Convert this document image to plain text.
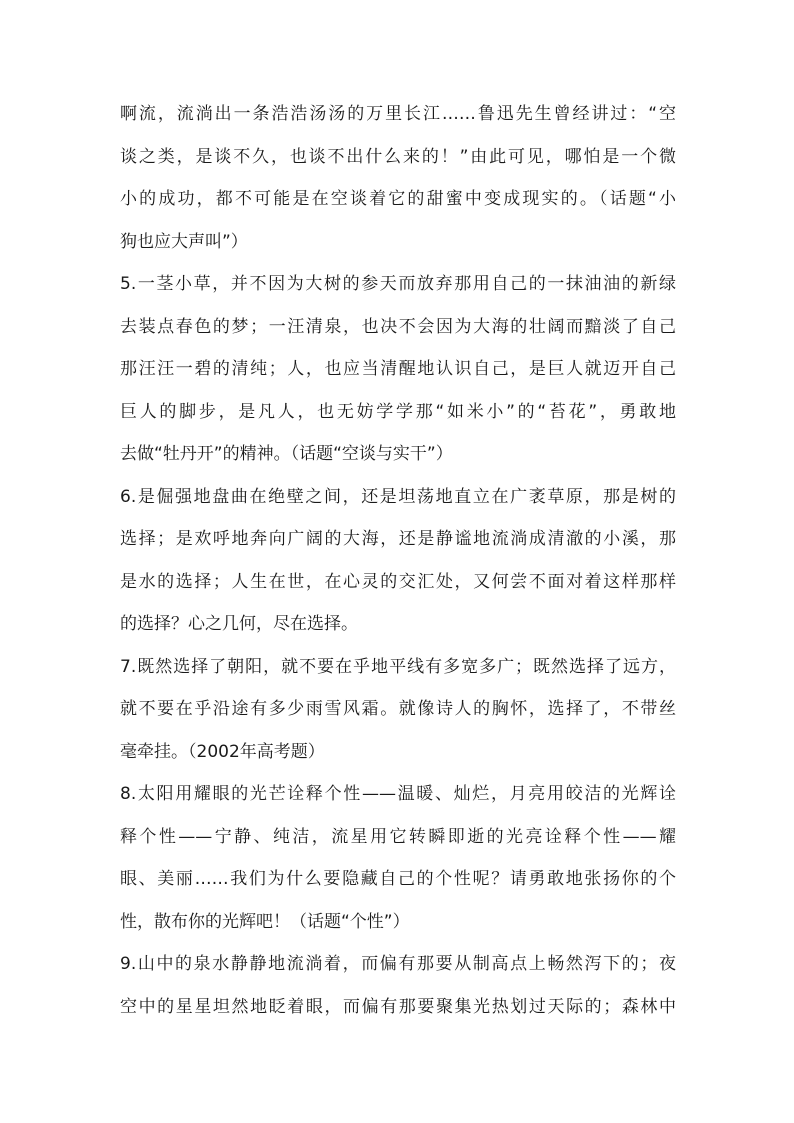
啊流，流淌出一条浩浩汤汤的万里长江……鲁迅先生曾经讲过：“空
谈之类，是谈不久，也谈不出什么来的！”由此可见，哪怕是一个微
小的成功，都不可能是在空谈着它的甜蜜中变成现实的。（话题“小
狗也应大声叫”）
5.一茎小草，并不因为大树的参天而放弃那用自己的一抹油油的新绿
去装点春色的梦；一汪清泉，也决不会因为大海的壮阔而黯淡了自己
那汪汪一碧的清纯；人，也应当清醒地认识自己，是巨人就迈开自己
巨人的脚步，是凡人，也无妨学学那“如米小”的“苔花”，勇敢地
去做“牡丹开”的精神。（话题“空谈与实干”）
6.是倔强地盘曲在绝壁之间，还是坦荡地直立在广袤草原，那是树的
选择；是欢呼地奔向广阔的大海，还是静谧地流淌成清澈的小溪，那
是水的选择；人生在世，在心灵的交汇处，又何尝不面对着这样那样
的选择？心之几何，尽在选择。
7.既然选择了朝阳，就不要在乎地平线有多宽多广；既然选择了远方，
就不要在乎沿途有多少雨雪风霜。就像诗人的胸怀，选择了，不带丝
毫牵挂。（2002年高考题）
8.太阳用耀眼的光芒诠释个性——温暖、灿烂，月亮用皎洁的光辉诠
释个性——宁静、纯洁，流星用它转瞬即逝的光亮诠释个性——耀
眼、美丽……我们为什么要隐藏自己的个性呢？请勇敢地张扬你的个
性，散布你的光辉吧！（话题“个性”）
9.山中的泉水静静地流淌着，而偏有那要从制高点上畅然泻下的；夜
空中的星星坦然地眨着眼，而偏有那要聚集光热划过天际的；森林中
